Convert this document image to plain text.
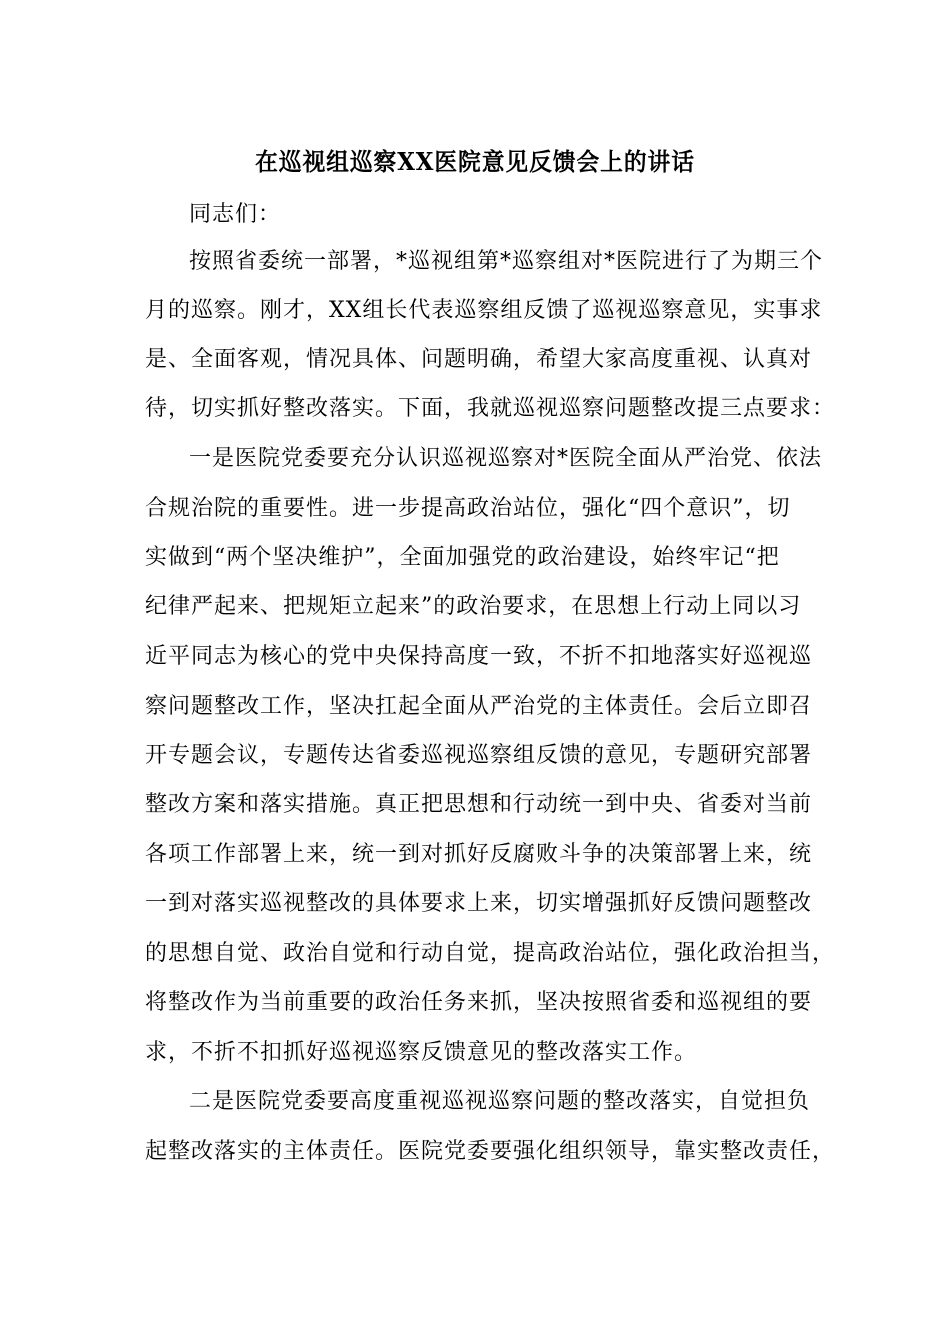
在巡视组巡察XX医院意见反馈会上的讲话
同志们：
按照省委统一部署，*巡视组第*巡察组对*医院进行了为期三个
月的巡察。刚才，XX组长代表巡察组反馈了巡视巡察意见，实事求
是、全面客观，情况具体、问题明确，希望大家高度重视、认真对
待，切实抓好整改落实。下面，我就巡视巡察问题整改提三点要求：
一是医院党委要充分认识巡视巡察对*医院全面从严治党、依法
合规治院的重要性。进一步提高政治站位，强化“四个意识”，切
实做到“两个坚决维护”，全面加强党的政治建设，始终牢记“把
纪律严起来、把规矩立起来”的政治要求，在思想上行动上同以习
近平同志为核心的党中央保持高度一致，不折不扣地落实好巡视巡
察问题整改工作，坚决扛起全面从严治党的主体责任。会后立即召
开专题会议，专题传达省委巡视巡察组反馈的意见，专题研究部署
整改方案和落实措施。真正把思想和行动统一到中央、省委对当前
各项工作部署上来，统一到对抓好反腐败斗争的决策部署上来，统
一到对落实巡视整改的具体要求上来，切实增强抓好反馈问题整改
的思想自觉、政治自觉和行动自觉，提高政治站位，强化政治担当，
将整改作为当前重要的政治任务来抓，坚决按照省委和巡视组的要
求，不折不扣抓好巡视巡察反馈意见的整改落实工作。
二是医院党委要高度重视巡视巡察问题的整改落实，自觉担负
起整改落实的主体责任。医院党委要强化组织领导，靠实整改责任，
